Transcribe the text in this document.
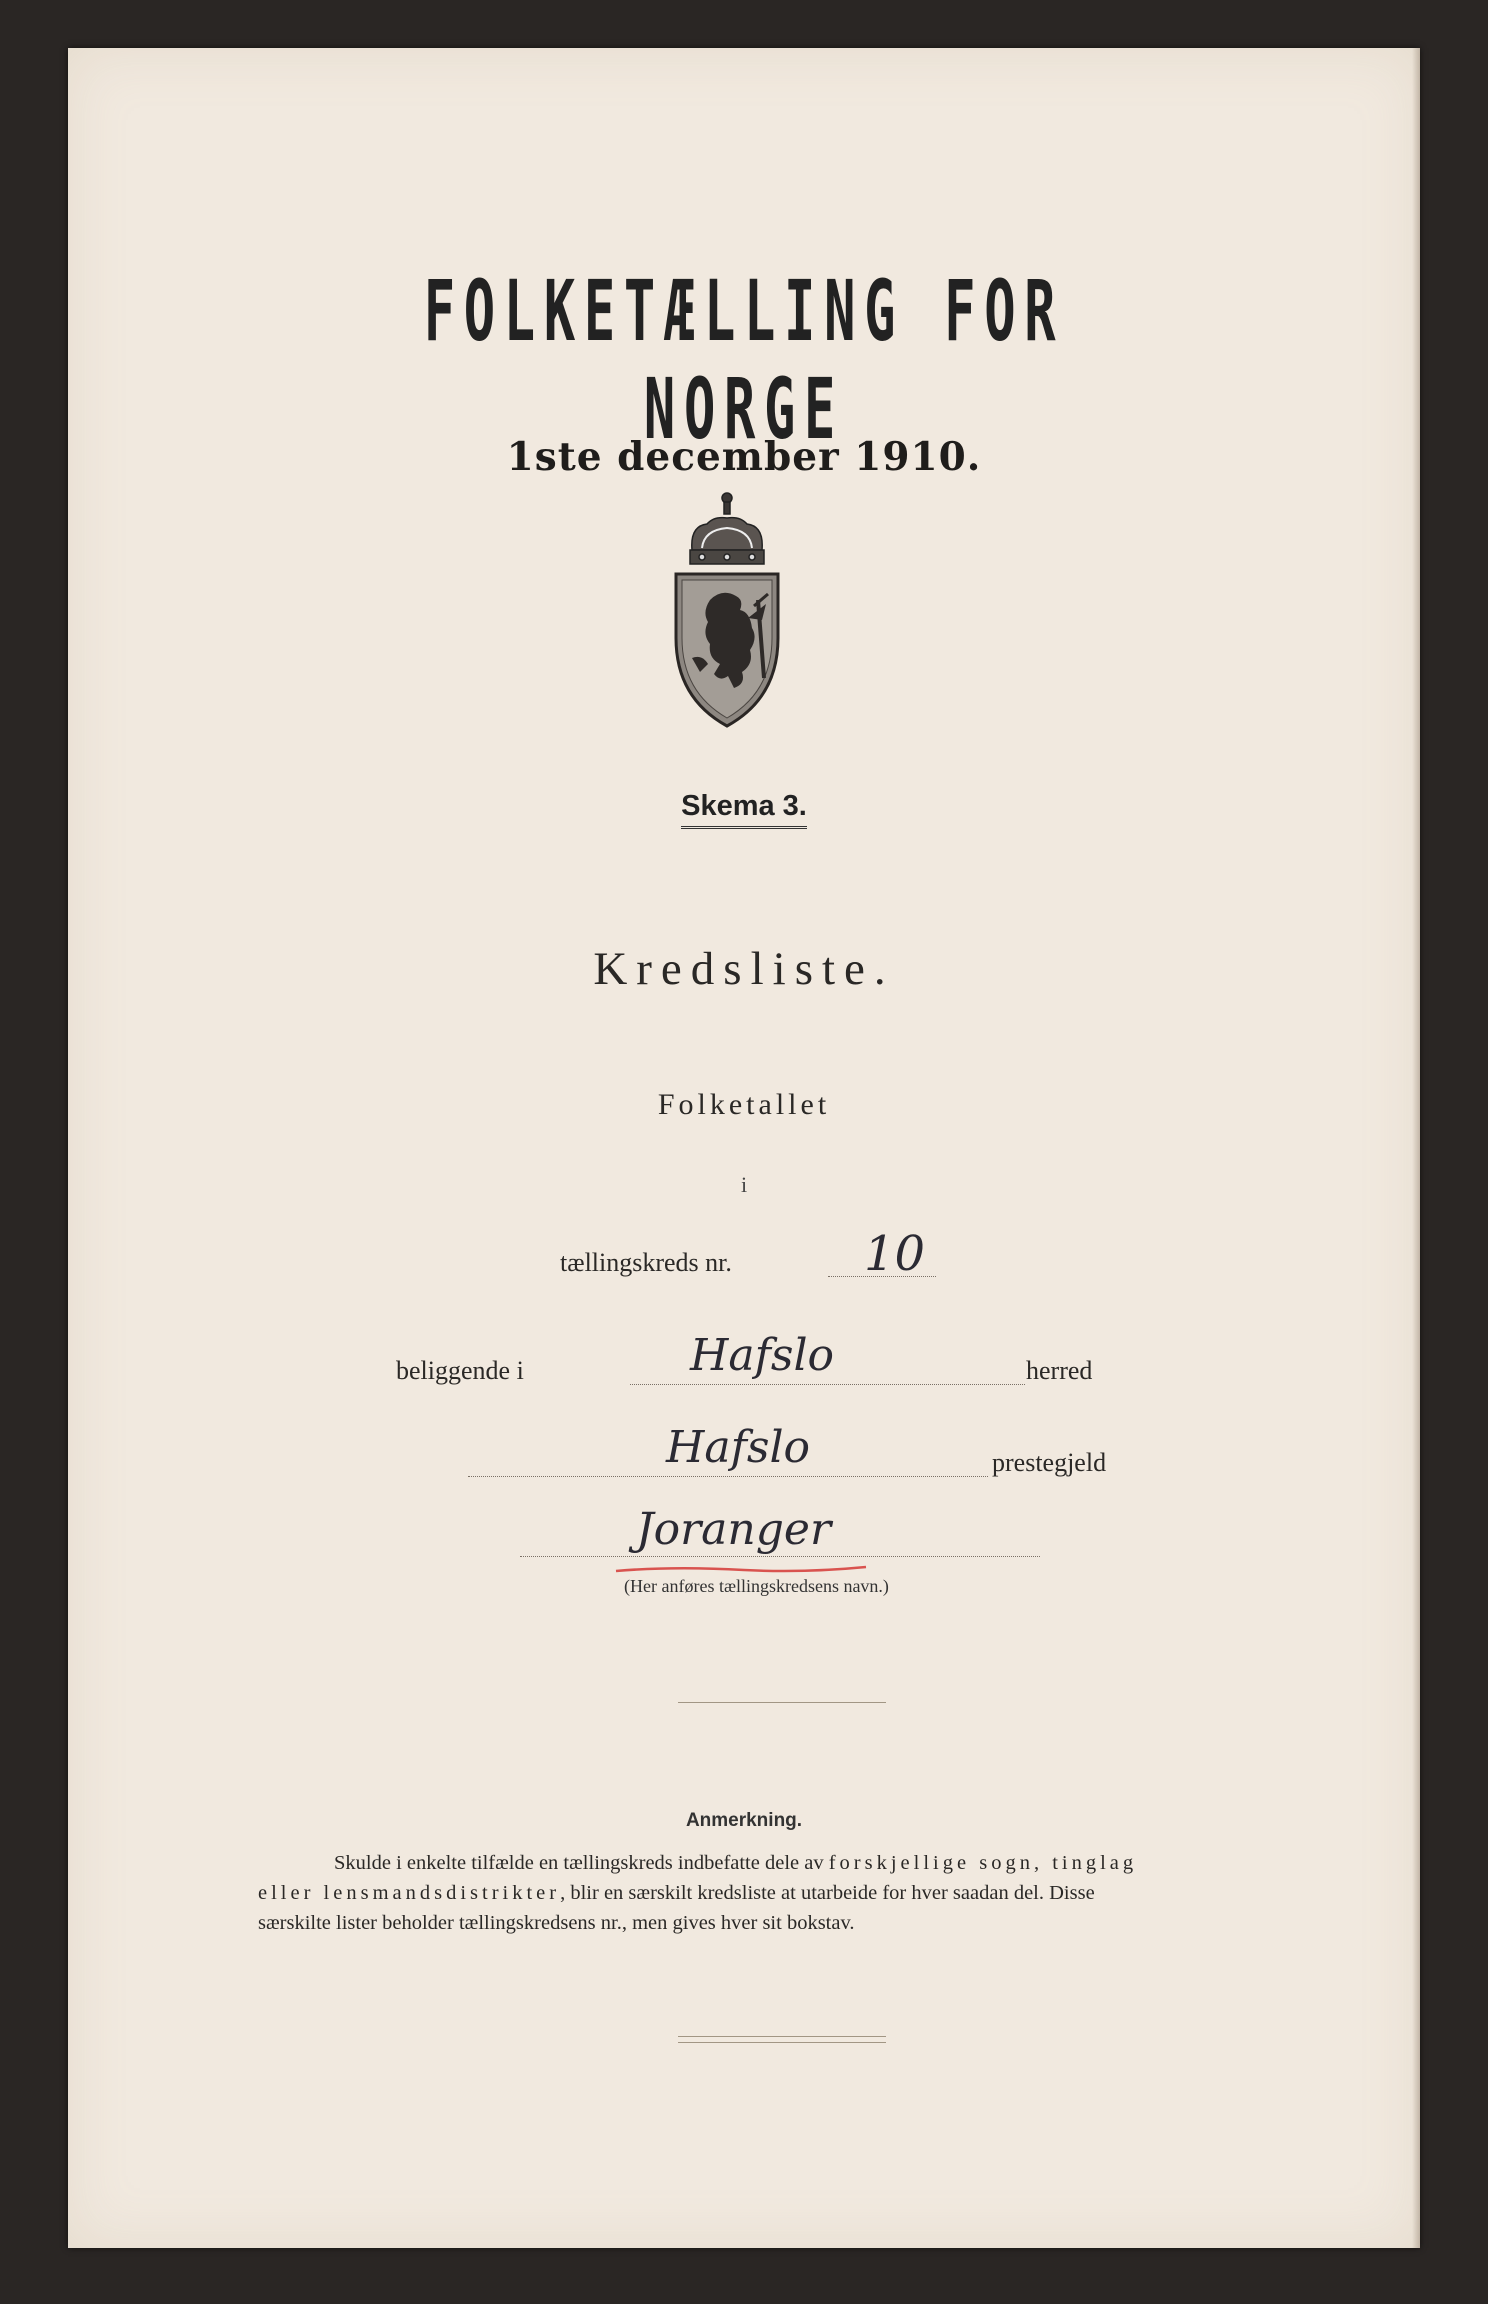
FOLKETÆLLING FOR NORGE
1ste december 1910.
Skema 3.
Kredsliste.
Folketallet
i
tællingskreds nr.	10
beliggende i	Hafslo	herred
Hafslo	prestegjeld
Joranger
(Her anføres tællingskredsens navn.)
Anmerkning.

Skulde i enkelte tilfælde en tællingskreds indbefatte dele av forskjellige sogn, tinglag

eller lensmandsdistrikter, blir en særskilt kredsliste at utarbeide for hver saadan del. Disse

særskilte lister beholder tællingskredsens nr., men gives hver sit bokstav.
